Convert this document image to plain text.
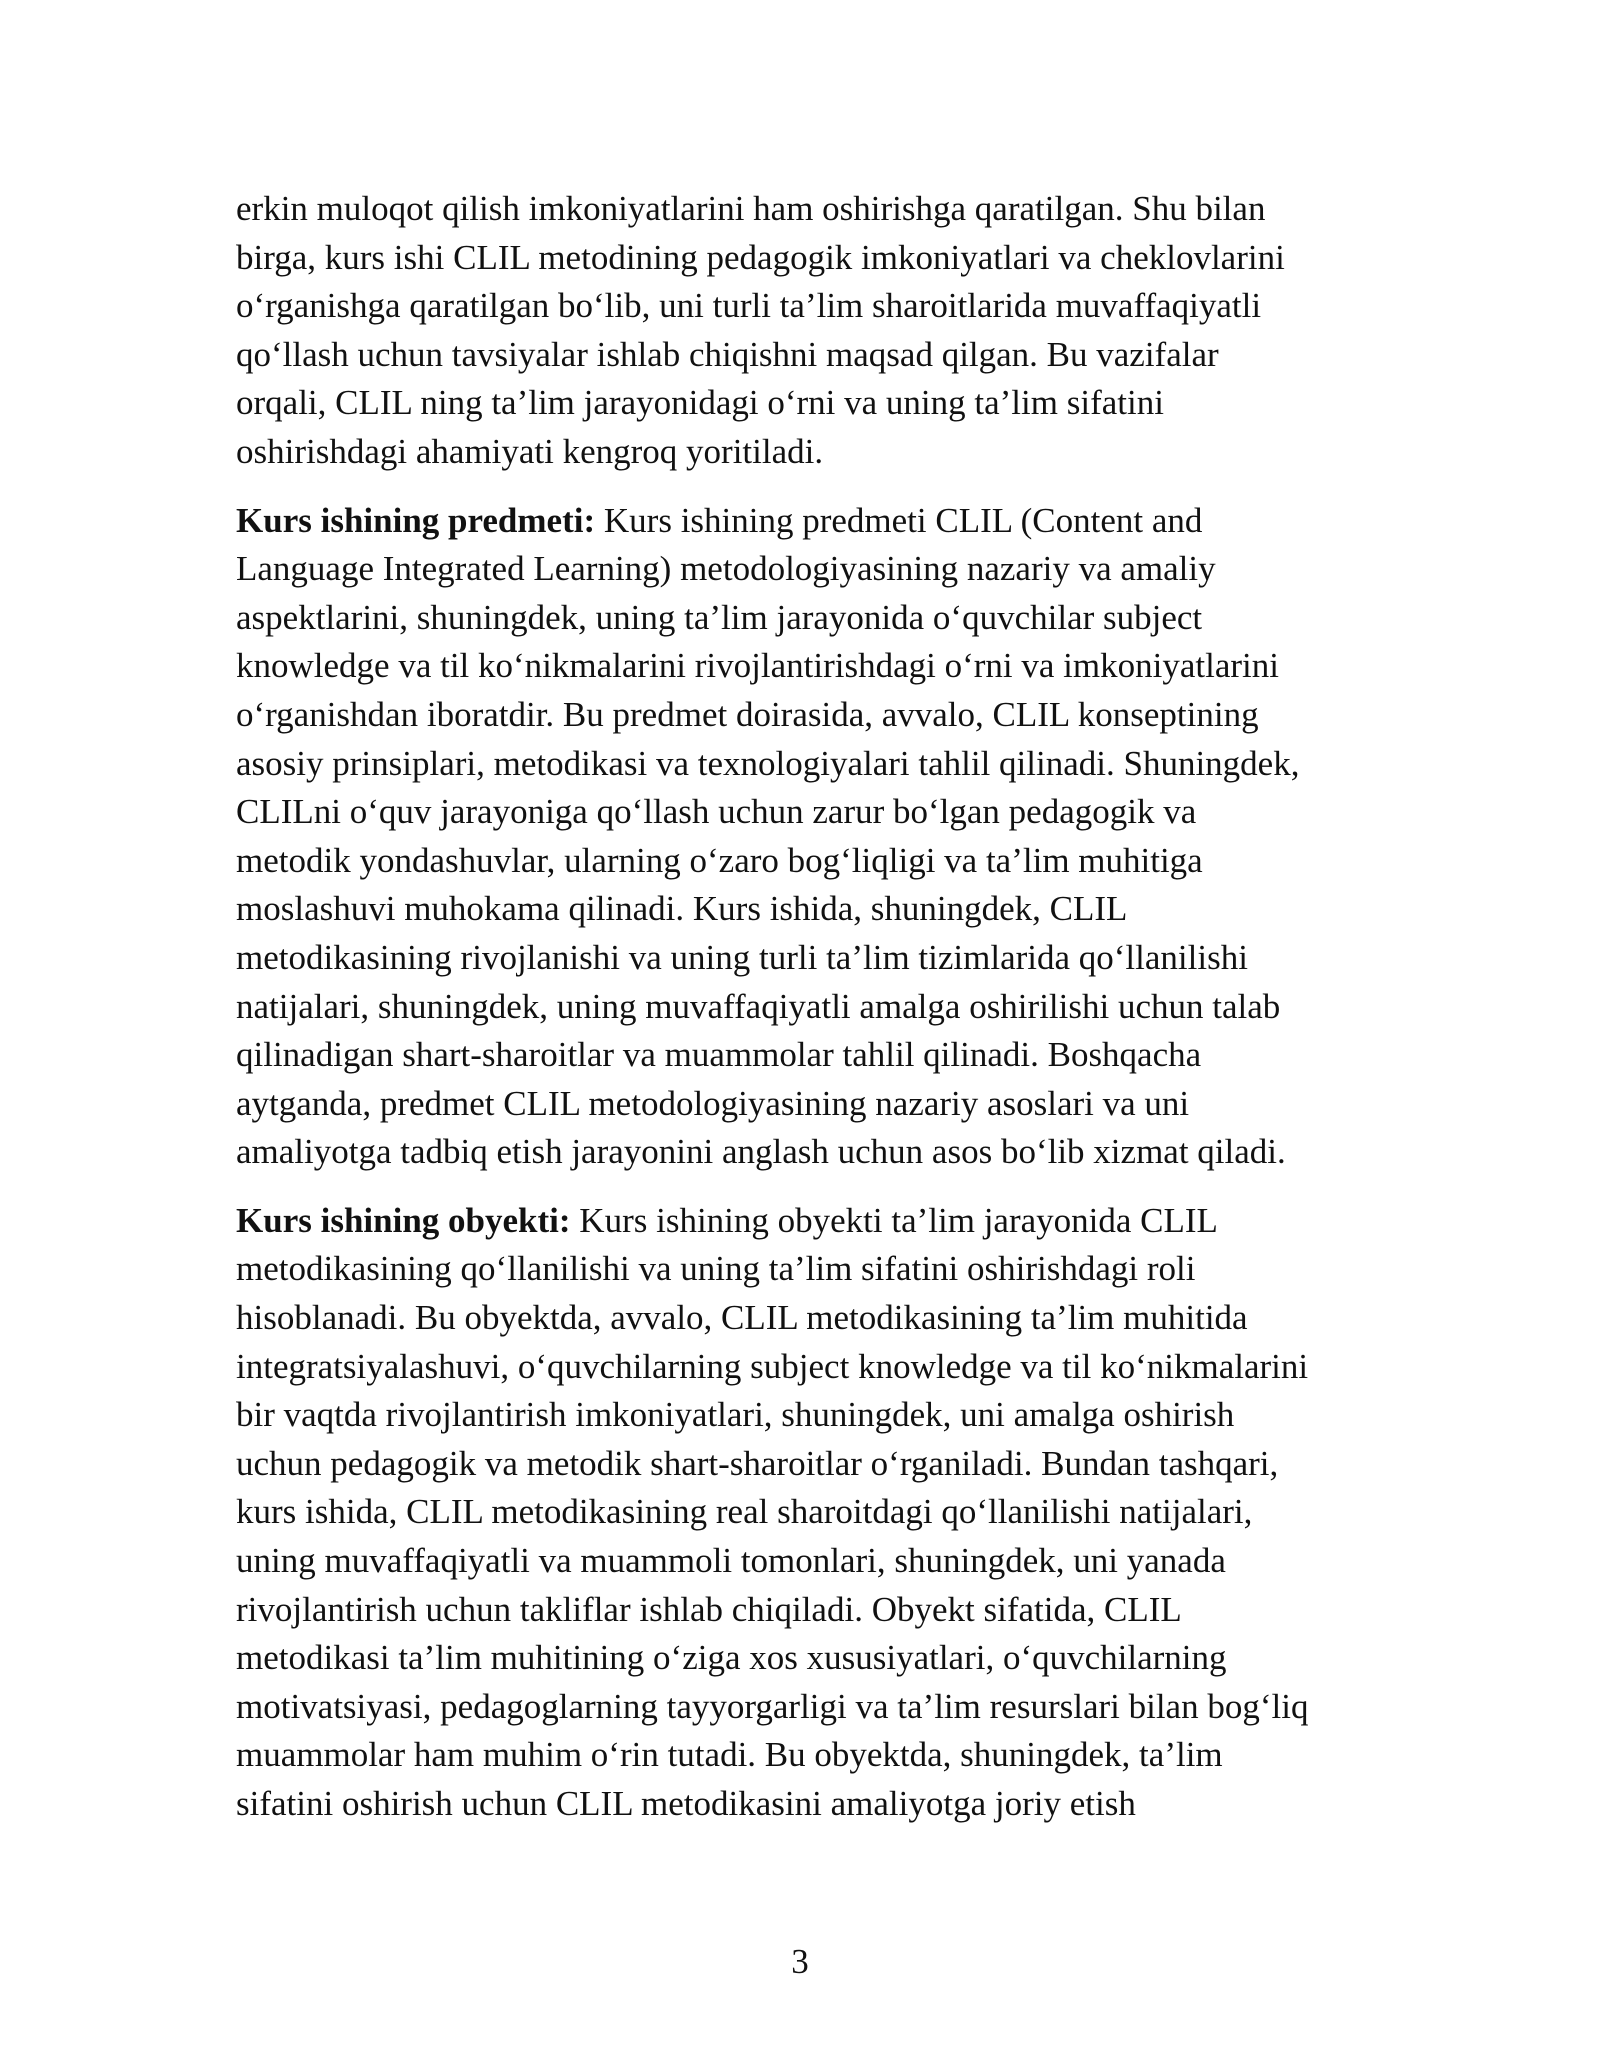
erkin muloqot qilish imkoniyatlarini ham oshirishga qaratilgan. Shu bilan
birga, kurs ishi CLIL metodining pedagogik imkoniyatlari va cheklovlarini
o‘rganishga qaratilgan bo‘lib, uni turli ta’lim sharoitlarida muvaffaqiyatli
qo‘llash uchun tavsiyalar ishlab chiqishni maqsad qilgan. Bu vazifalar
orqali, CLIL ning ta’lim jarayonidagi o‘rni va uning ta’lim sifatini
oshirishdagi ahamiyati kengroq yoritiladi.

Kurs ishining predmeti: Kurs ishining predmeti CLIL (Content and
Language Integrated Learning) metodologiyasining nazariy va amaliy
aspektlarini, shuningdek, uning ta’lim jarayonida o‘quvchilar subject
knowledge va til ko‘nikmalarini rivojlantirishdagi o‘rni va imkoniyatlarini
o‘rganishdan iboratdir. Bu predmet doirasida, avvalo, CLIL konseptining
asosiy prinsiplari, metodikasi va texnologiyalari tahlil qilinadi. Shuningdek,
CLILni o‘quv jarayoniga qo‘llash uchun zarur bo‘lgan pedagogik va
metodik yondashuvlar, ularning o‘zaro bog‘liqligi va ta’lim muhitiga
moslashuvi muhokama qilinadi. Kurs ishida, shuningdek, CLIL
metodikasining rivojlanishi va uning turli ta’lim tizimlarida qo‘llanilishi
natijalari, shuningdek, uning muvaffaqiyatli amalga oshirilishi uchun talab
qilinadigan shart-sharoitlar va muammolar tahlil qilinadi. Boshqacha
aytganda, predmet CLIL metodologiyasining nazariy asoslari va uni
amaliyotga tadbiq etish jarayonini anglash uchun asos bo‘lib xizmat qiladi.

Kurs ishining obyekti: Kurs ishining obyekti ta’lim jarayonida CLIL
metodikasining qo‘llanilishi va uning ta’lim sifatini oshirishdagi roli
hisoblanadi. Bu obyektda, avvalo, CLIL metodikasining ta’lim muhitida
integratsiyalashuvi, o‘quvchilarning subject knowledge va til ko‘nikmalarini
bir vaqtda rivojlantirish imkoniyatlari, shuningdek, uni amalga oshirish
uchun pedagogik va metodik shart-sharoitlar o‘rganiladi. Bundan tashqari,
kurs ishida, CLIL metodikasining real sharoitdagi qo‘llanilishi natijalari,
uning muvaffaqiyatli va muammoli tomonlari, shuningdek, uni yanada
rivojlantirish uchun takliflar ishlab chiqiladi. Obyekt sifatida, CLIL
metodikasi ta’lim muhitining o‘ziga xos xususiyatlari, o‘quvchilarning
motivatsiyasi, pedagoglarning tayyorgarligi va ta’lim resurslari bilan bog‘liq
muammolar ham muhim o‘rin tutadi. Bu obyektda, shuningdek, ta’lim
sifatini oshirish uchun CLIL metodikasini amaliyotga joriy etish

3
